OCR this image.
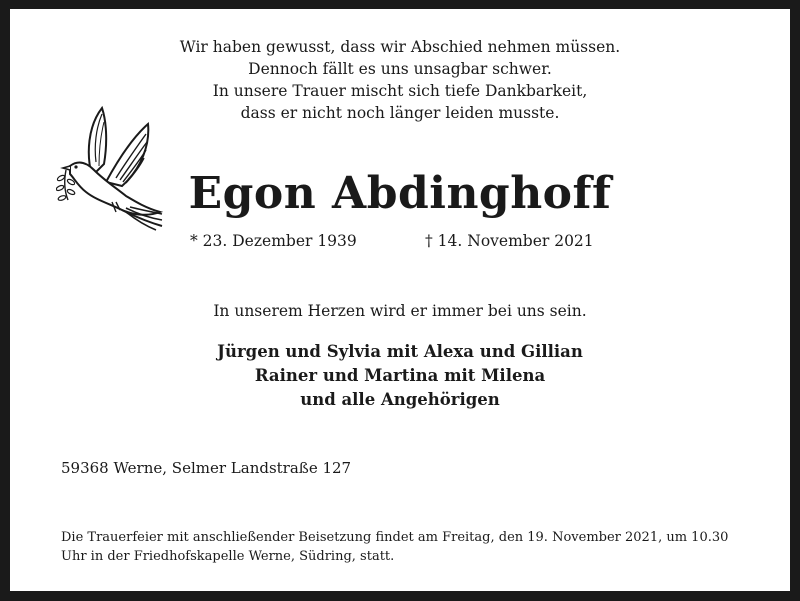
Wir haben gewusst, dass wir Abschied nehmen müssen.
Dennoch fällt es uns unsagbar schwer.
In unsere Trauer mischt sich tiefe Dankbarkeit,
dass er nicht noch länger leiden musste.
Egon Abdinghoff
* 23. Dezember 1939	† 14. November 2021
In unserem Herzen wird er immer bei uns sein.
Jürgen und Sylvia mit Alexa und Gillian
Rainer und Martina mit Milena
und alle Angehörigen
59368 Werne, Selmer Landstraße 127
Die Trauerfeier mit anschließender Beisetzung findet am Freitag, den 19. November 2021, um 10.30 Uhr in der Friedhofskapelle Werne, Südring, statt.
